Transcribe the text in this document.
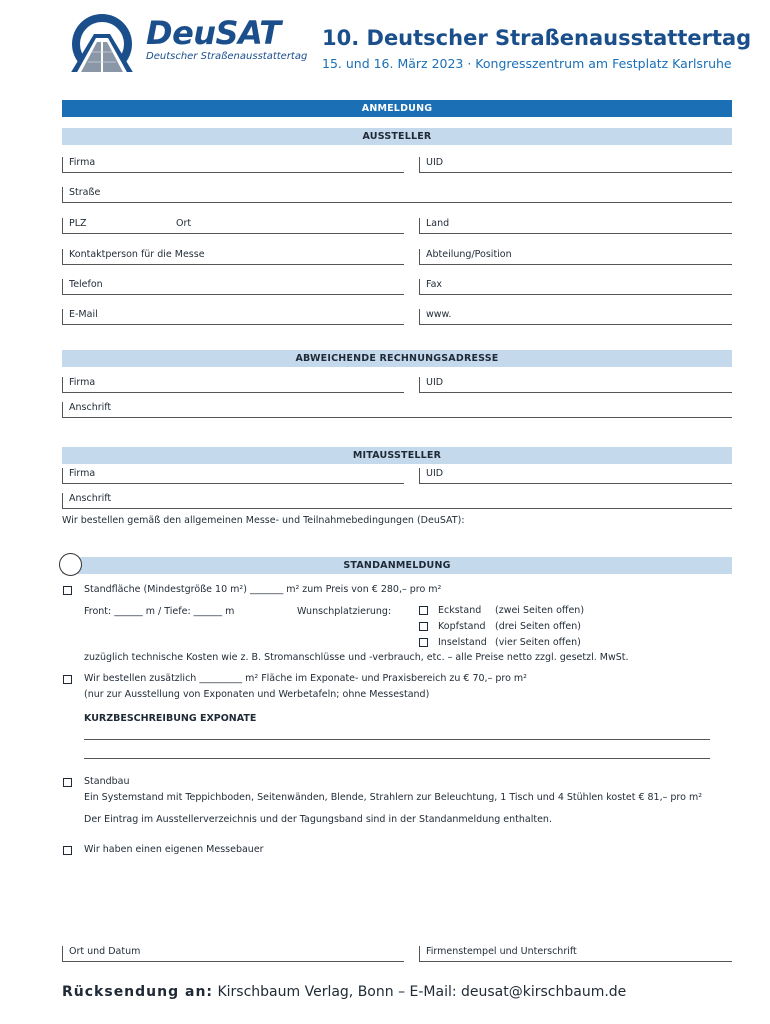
DeuSAT
Deutscher Straßenausstattertag
10. Deutscher Straßenausstattertag
15. und 16. März 2023 · Kongresszentrum am Festplatz Karlsruhe
ANMELDUNG
AUSSTELLER
Firma	UID
Straße
PLZ	Ort	Land
Kontaktperson für die Messe	Abteilung/Position
Telefon	Fax
E-Mail	www.
ABWEICHENDE RECHNUNGSADRESSE
Firma	UID
Anschrift
MITAUSSTELLER
Firma	UID
Anschrift
Wir bestellen gemäß den allgemeinen Messe- und Teilnahmebedingungen (DeuSAT):
STANDANMELDUNG
Standfläche (Mindestgröße 10 m²) _______ m² zum Preis von € 280,– pro m²
Front: ______ m / Tiefe: ______ m	Wunschplatzierung:	Eckstand (zwei Seiten offen)
Kopfstand (drei Seiten offen)
Inselstand (vier Seiten offen)
zuzüglich technische Kosten wie z. B. Stromanschlüsse und -verbrauch, etc. – alle Preise netto zzgl. gesetzl. MwSt.
Wir bestellen zusätzlich _________ m² Fläche im Exponate- und Praxisbereich zu € 70,– pro m²
(nur zur Ausstellung von Exponaten und Werbetafeln; ohne Messestand)
KURZBESCHREIBUNG EXPONATE
Standbau
Ein Systemstand mit Teppichboden, Seitenwänden, Blende, Strahlern zur Beleuchtung, 1 Tisch und 4 Stühlen kostet € 81,– pro m²
Der Eintrag im Ausstellerverzeichnis und der Tagungsband sind in der Standanmeldung enthalten.
Wir haben einen eigenen Messebauer
Ort und Datum	Firmenstempel und Unterschrift
Rücksendung an: Kirschbaum Verlag, Bonn – E-Mail: deusat@kirschbaum.de
